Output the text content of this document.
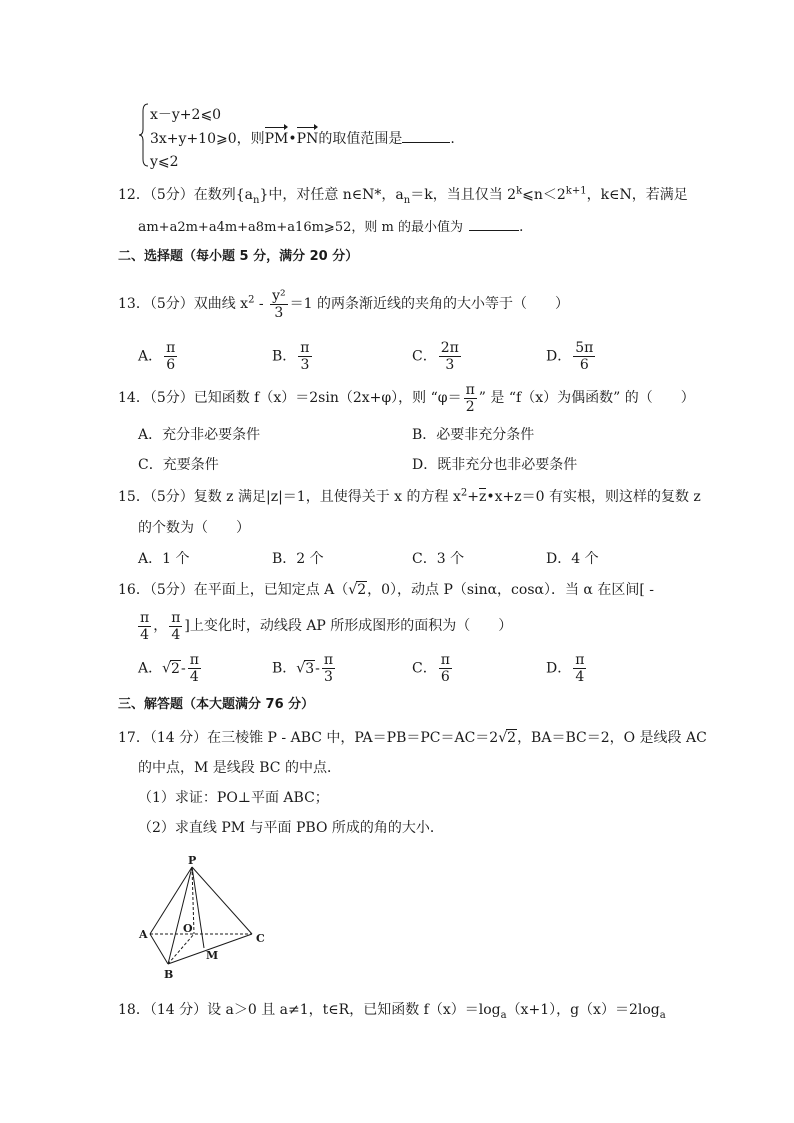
x－y+2⩽0
3x+y+10⩾0，则PM•PN的取值范围是	.
y⩽2
12．（5分）在数列$\{a_n\}$中，对任意 n∈N*，$a_n=k$，当且仅当 $2^k⩽n<2^{k+1}$，k∈N，若满足
am+a2m+a4m+a8m+a16m⩾52，则 m 的最小值为	.
二、选择题（每小题 5 分，满分 20 分）
13．（5分）双曲线 $x^2 - \frac{\text{y²}}{3} =1$ 的两条渐近线的夹角的大小等于（　　）
A． $\frac{\pi}{6}$	B． $\frac{\pi}{3}$	C． $\frac{2\pi}{3}$	D． $\frac{5\pi}{6}$
14．（5分）已知函数 f（x）＝2sin（2x+φ），则 “$\varphi= \frac{\pi}{2}$ ” 是 “f（x）为偶函数” 的（　　）
A．充分非必要条件	B．必要非充分条件
C．充要条件	D．既非充分也非必要条件
15．（5分）复数 z 满足|z|＝1，且使得关于 x 的方程 $x^2+z•x+z=0$ 有实根，则这样的复数 z
的个数为（　　）
A．1 个	B．2 个	C．3 个	D．4 个
16．（5分）在平面上，已知定点 A（√2，0），动点 P（sinα，cosα）．当 α 在区间[ -
$\frac{\pi}{4}$ ， $\frac{\pi}{4}$ ]上变化时，动线段 AP 所形成图形的面积为（　　）
A．$√2- \frac{\pi}{4}$	B．$√3- \frac{\pi}{3}$	C． $\frac{\pi}{6}$	D． $\frac{\pi}{4}$
三、解答题（本大题满分 76 分）
17．（14 分）在三棱锥 P - ABC 中，PA＝PB＝PC＝AC＝2√2，BA＝BC＝2，O 是线段 AC
的中点，M 是线段 BC 的中点．
（1）求证：PO⊥平面 ABC；
（2）求直线 PM 与平面 PBO 所成的角的大小．
P
A	C
B
O
M
18．（14 分）设 a＞0 且 a≠1，t∈R，已知函数 $f(x)=\log_a(x+1)$，$g(x)=2\log_a$
